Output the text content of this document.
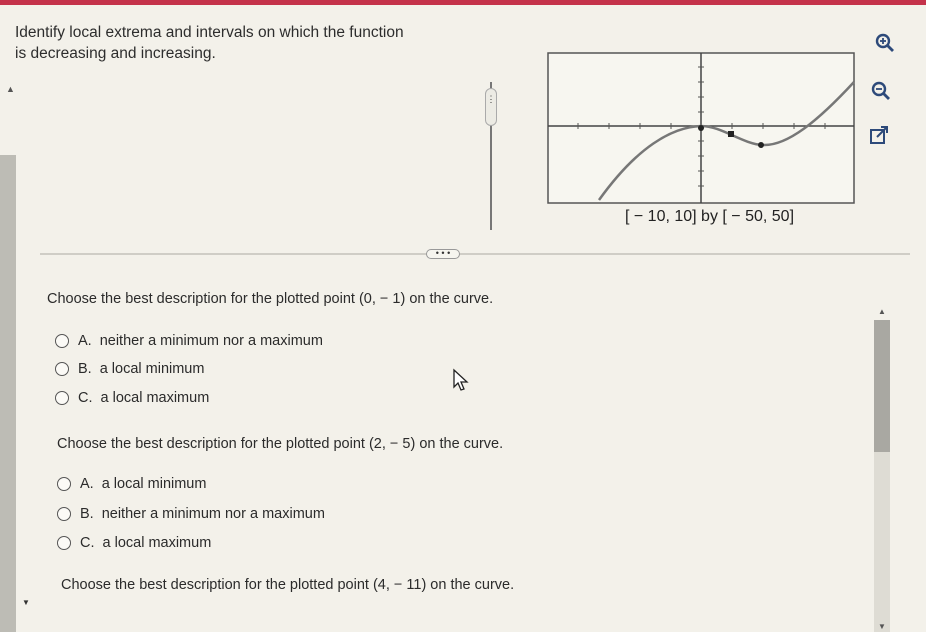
Identify local extrema and intervals on which the function
is decreasing and increasing.
▲
⋮
[ − 10, 10] by [ − 50, 50]
• • •
Choose the best description for the plotted point (0, − 1) on the curve.
A. neither a minimum nor a maximum
B. a local minimum
C. a local maximum
Choose the best description for the plotted point (2, − 5) on the curve.
A. a local minimum
B. neither a minimum nor a maximum
C. a local maximum
Choose the best description for the plotted point (4, − 11) on the curve.
▲
▼
▼
